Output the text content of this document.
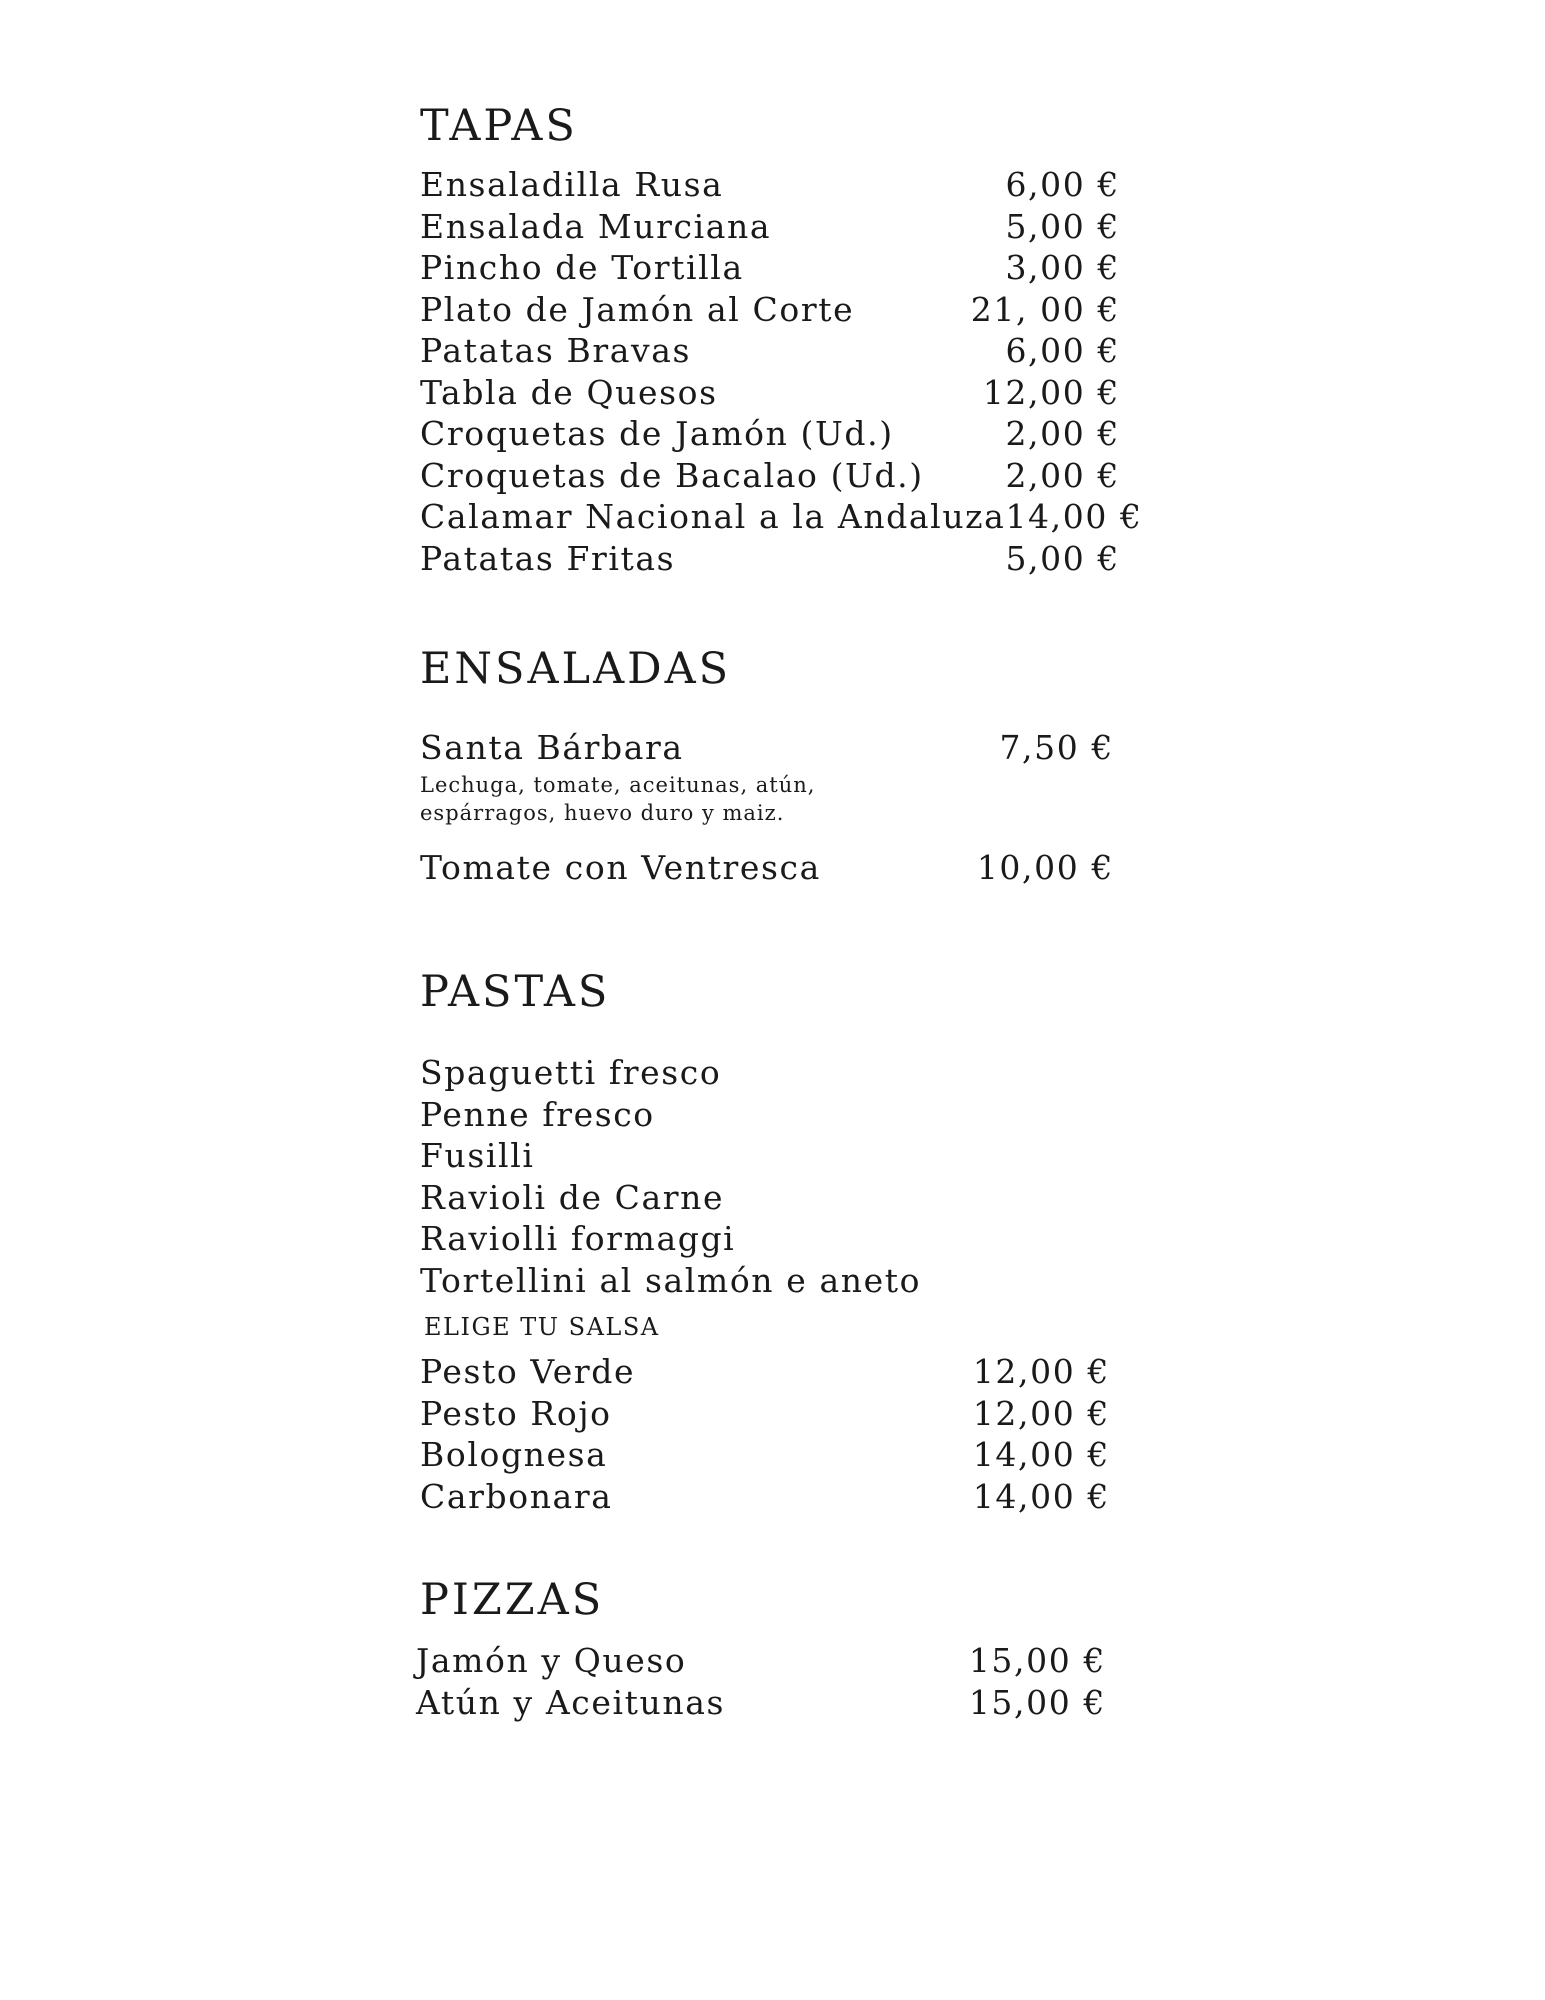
TAPAS
Ensaladilla Rusa	6,00 €
Ensalada Murciana	5,00 €
Pincho de Tortilla	3,00 €
Plato de Jamón al Corte	21, 00 €
Patatas Bravas	6,00 €
Tabla de Quesos	12,00 €
Croquetas de Jamón (Ud.)	2,00 €
Croquetas de Bacalao (Ud.) 2,00 €
Calamar Nacional a la Andaluza 14,00 €
Patatas Fritas	5,00 €
ENSALADAS
Santa Bárbara	7,50 €
Lechuga, tomate, aceitunas, atún,
espárragos, huevo duro y maiz.
Tomate con Ventresca	10,00 €
PASTAS
Spaguetti fresco
Penne fresco
Fusilli
Ravioli de Carne
Raviolli formaggi
Tortellini al salmón e aneto
ELIGE TU SALSA
Pesto Verde	12,00 €
Pesto Rojo	12,00 €
Bolognesa	14,00 €
Carbonara	14,00 €
PIZZAS
Jamón y Queso	15,00 €
Atún y Aceitunas	15,00 €
